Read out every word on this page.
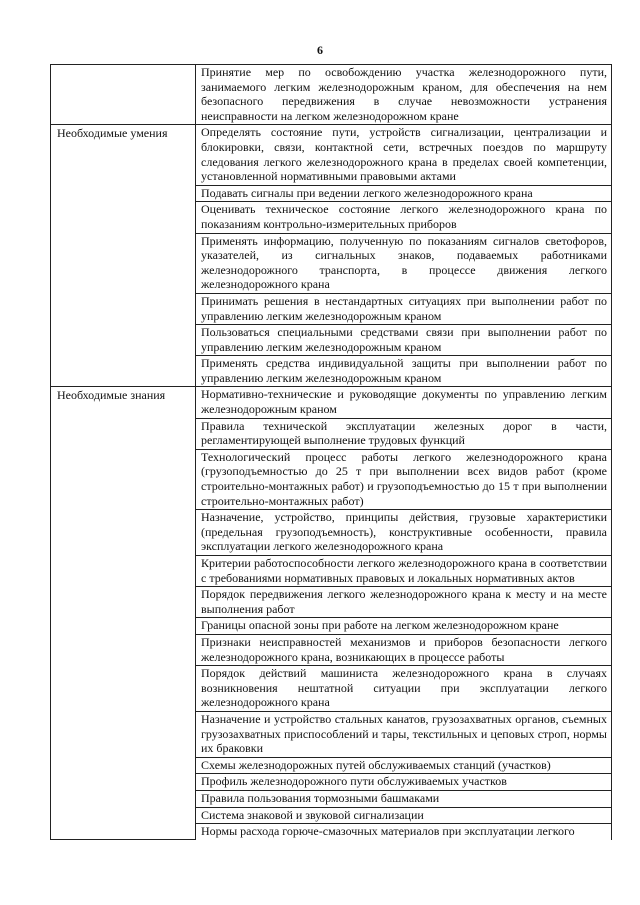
6
	Принятие мер по освобождению участка железнодорожного пути, занимаемого легким железнодорожным краном, для обеспечения на нем безопасного передвижения в случае невозможности устранения неисправности на легком железнодорожном кране
Необходимые умения	Определять состояние пути, устройств сигнализации, централизации и блокировки, связи, контактной сети, встречных поездов по маршруту следования легкого железнодорожного крана в пределах своей компетенции, установленной нормативными правовыми актами
	Подавать сигналы при ведении легкого железнодорожного крана
	Оценивать техническое состояние легкого железнодорожного крана по показаниям контрольно-измерительных приборов
	Применять информацию, полученную по показаниям сигналов светофоров, указателей, из сигнальных знаков, подаваемых работниками железнодорожного транспорта, в процессе движения легкого железнодорожного крана
	Принимать решения в нестандартных ситуациях при выполнении работ по управлению легким железнодорожным краном
	Пользоваться специальными средствами связи при выполнении работ по управлению легким железнодорожным краном
	Применять средства индивидуальной защиты при выполнении работ по управлению легким железнодорожным краном
Необходимые знания	Нормативно-технические и руководящие документы по управлению легким железнодорожным краном
	Правила технической эксплуатации железных дорог в части, регламентирующей выполнение трудовых функций
	Технологический процесс работы легкого железнодорожного крана (грузоподъемностью до 25 т при выполнении всех видов работ (кроме строительно-монтажных работ) и грузоподъемностью до 15 т при выполнении строительно-монтажных работ)
	Назначение, устройство, принципы действия, грузовые характеристики (предельная грузоподъемность), конструктивные особенности, правила эксплуатации легкого железнодорожного крана
	Критерии работоспособности легкого железнодорожного крана в соответствии с требованиями нормативных правовых и локальных нормативных актов
	Порядок передвижения легкого железнодорожного крана к месту и на месте выполнения работ
	Границы опасной зоны при работе на легком железнодорожном кране
	Признаки неисправностей механизмов и приборов безопасности легкого железнодорожного крана, возникающих в процессе работы
	Порядок действий машиниста железнодорожного крана в случаях возникновения нештатной ситуации при эксплуатации легкого железнодорожного крана
	Назначение и устройство стальных канатов, грузозахватных органов, съемных грузозахватных приспособлений и тары, текстильных и цеповых строп, нормы их браковки
	Схемы железнодорожных путей обслуживаемых станций (участков)
	Профиль железнодорожного пути обслуживаемых участков
	Правила пользования тормозными башмаками
	Система знаковой и звуковой сигнализации
	Нормы расхода горюче-смазочных материалов при эксплуатации легкого
